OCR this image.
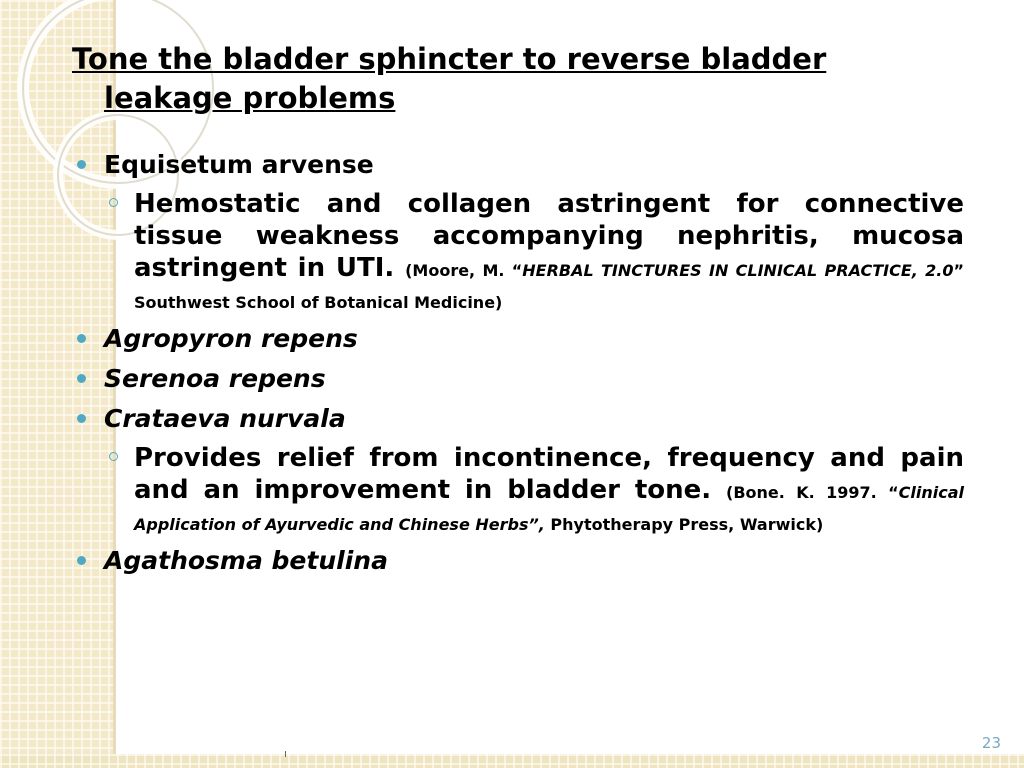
Tone the bladder sphincter to reverse bladder
leakage problems
Equisetum arvense
Hemostatic and collagen astringent for connective tissue weakness accompanying nephritis, mucosa astringent in UTI. (Moore, M. “HERBAL TINCTURES IN CLINICAL PRACTICE, 2.0” Southwest School of Botanical Medicine)
Agropyron repens
Serenoa repens
Crataeva nurvala
Provides relief from incontinence, frequency and pain and an improvement in bladder tone. (Bone. K. 1997. “Clinical Application of Ayurvedic and Chinese Herbs”, Phytotherapy Press, Warwick)
Agathosma betulina
23
